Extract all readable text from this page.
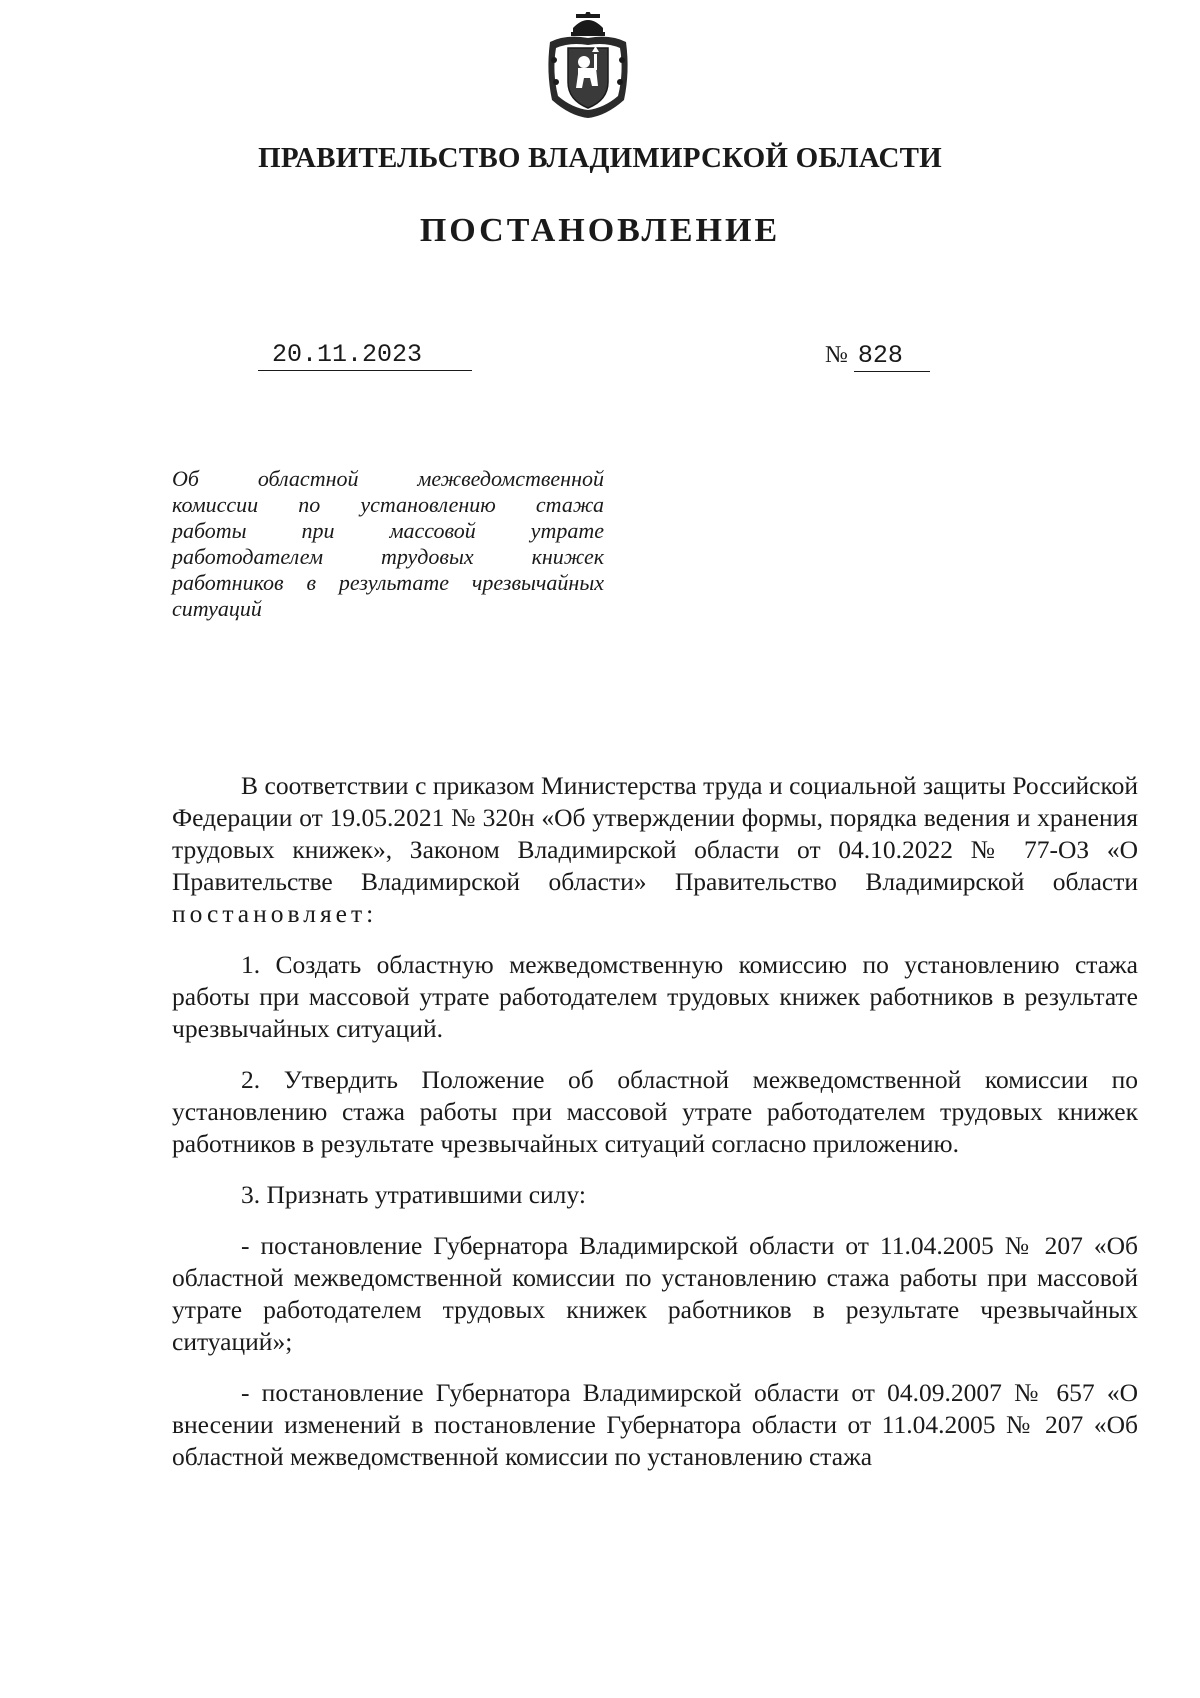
ПРАВИТЕЛЬСТВО ВЛАДИМИРСКОЙ ОБЛАСТИ
ПОСТАНОВЛЕНИЕ
20.11.2023	№ 828
Об областной межведомственной
комиссии по установлению стажа
работы при массовой утрате
работодателем трудовых книжек
работников в результате чрезвычайных
ситуаций

В соответствии с приказом Министерства труда и социальной защиты Российской Федерации от 19.05.2021 № 320н «Об утверждении формы, порядка ведения и хранения трудовых книжек», Законом Владимирской области от 04.10.2022 № 77-ОЗ «О Правительстве Владимирской области» Правительство Владимирской области постановляет:

1. Создать областную межведомственную комиссию по установлению стажа работы при массовой утрате работодателем трудовых книжек работников в результате чрезвычайных ситуаций.

2. Утвердить Положение об областной межведомственной комиссии по установлению стажа работы при массовой утрате работодателем трудовых книжек работников в результате чрезвычайных ситуаций согласно приложению.

3. Признать утратившими силу:

- постановление Губернатора Владимирской области от 11.04.2005 № 207 «Об областной межведомственной комиссии по установлению стажа работы при массовой утрате работодателем трудовых книжек работников в результате чрезвычайных ситуаций»;

- постановление Губернатора Владимирской области от 04.09.2007 № 657 «О внесении изменений в постановление Губернатора области от 11.04.2005 № 207 «Об областной межведомственной комиссии по установлению стажа
